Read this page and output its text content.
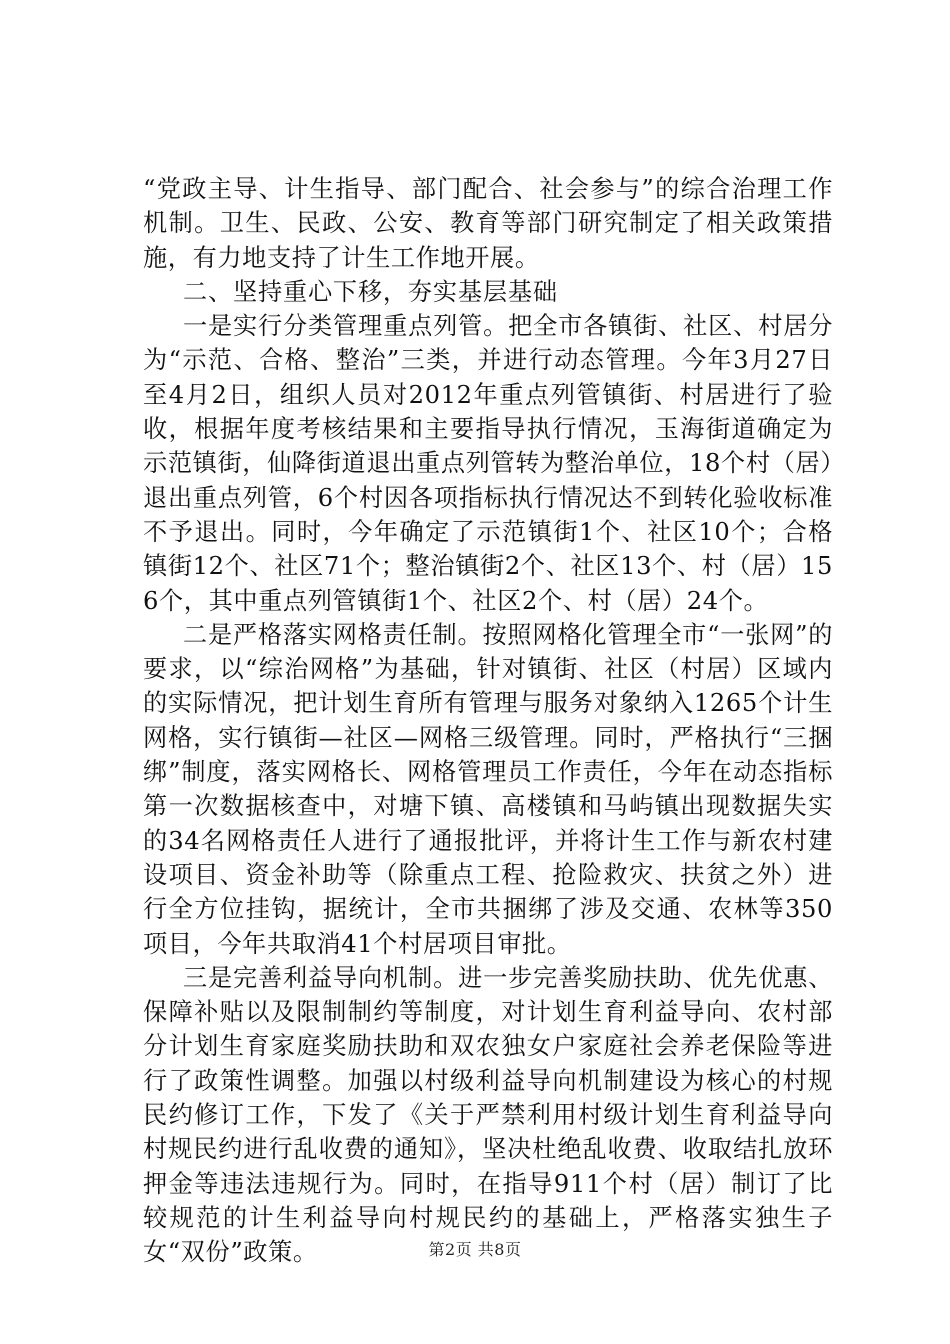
“党政主导、计生指导、部门配合、社会参与”的综合治理工作机制。卫生、民政、公安、教育等部门研究制定了相关政策措施，有力地支持了计生工作地开展。

二、坚持重心下移，夯实基层基础

一是实行分类管理重点列管。把全市各镇街、社区、村居分为“示范、合格、整治”三类，并进行动态管理。今年3月27日至4月2日，组织人员对2012年重点列管镇街、村居进行了验收，根据年度考核结果和主要指导执行情况，玉海街道确定为示范镇街，仙降街道退出重点列管转为整治单位，18个村（居）退出重点列管，6个村因各项指标执行情况达不到转化验收标准不予退出。同时，今年确定了示范镇街1个、社区10个；合格镇街12个、社区71个；整治镇街2个、社区13个、村（居）156个，其中重点列管镇街1个、社区2个、村（居）24个。

二是严格落实网格责任制。按照网格化管理全市“一张网”的要求，以“综治网格”为基础，针对镇街、社区（村居）区域内的实际情况，把计划生育所有管理与服务对象纳入1265个计生网格，实行镇街—社区—网格三级管理。同时，严格执行“三捆绑”制度，落实网格长、网格管理员工作责任，今年在动态指标第一次数据核查中，对塘下镇、高楼镇和马屿镇出现数据失实的34名网格责任人进行了通报批评，并将计生工作与新农村建设项目、资金补助等（除重点工程、抢险救灾、扶贫之外）进行全方位挂钩，据统计，全市共捆绑了涉及交通、农林等350项目，今年共取消41个村居项目审批。

三是完善利益导向机制。进一步完善奖励扶助、优先优惠、保障补贴以及限制制约等制度，对计划生育利益导向、农村部分计划生育家庭奖励扶助和双农独女户家庭社会养老保险等进行了政策性调整。加强以村级利益导向机制建设为核心的村规民约修订工作，下发了《关于严禁利用村级计划生育利益导向村规民约进行乱收费的通知》，坚决杜绝乱收费、收取结扎放环押金等违法违规行为。同时，在指导911个村（居）制订了比较规范的计生利益导向村规民约的基础上，严格落实独生子女“双份”政策。	第2页 共8页
